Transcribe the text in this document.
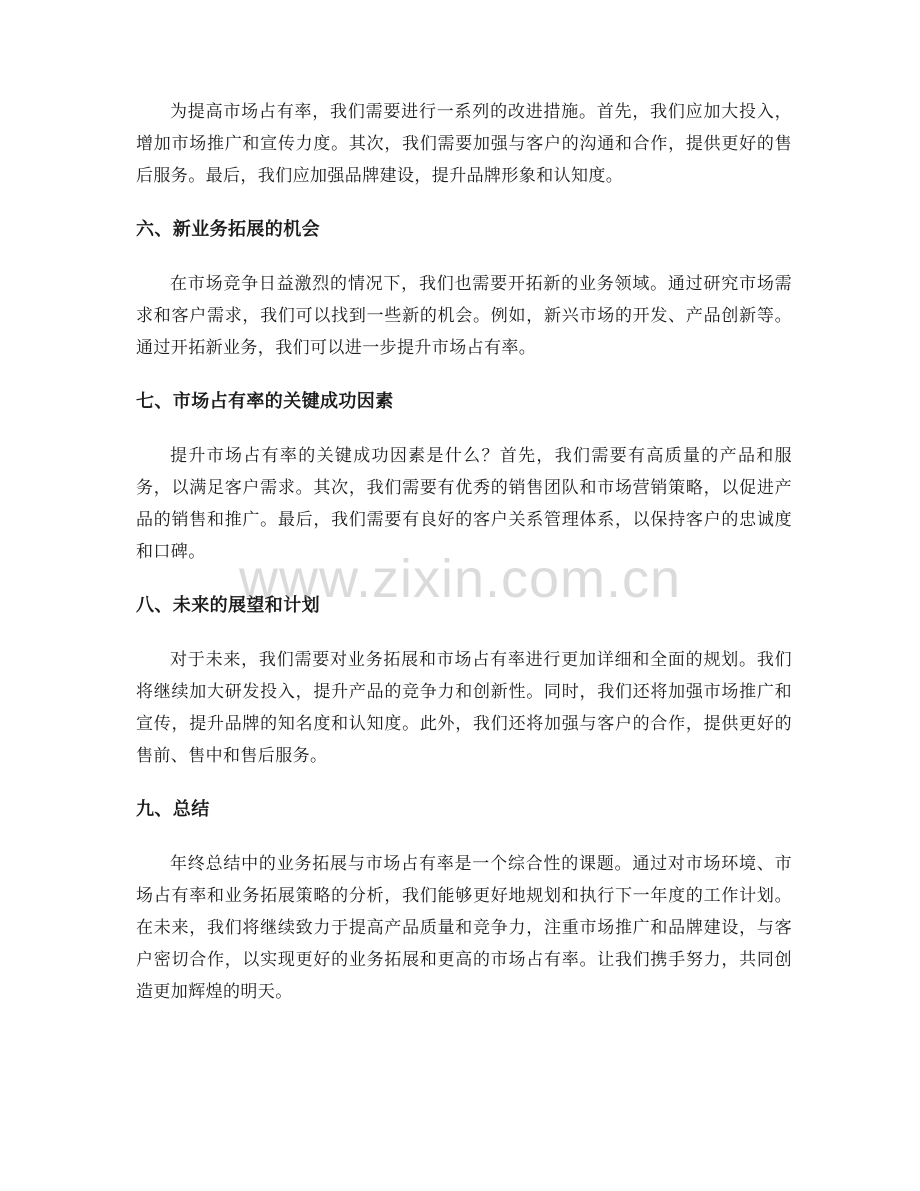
为提高市场占有率，我们需要进行一系列的改进措施。首先，我们应加大投入，增加市场推广和宣传力度。其次，我们需要加强与客户的沟通和合作，提供更好的售后服务。最后，我们应加强品牌建设，提升品牌形象和认知度。

六、新业务拓展的机会

在市场竞争日益激烈的情况下，我们也需要开拓新的业务领域。通过研究市场需求和客户需求，我们可以找到一些新的机会。例如，新兴市场的开发、产品创新等。通过开拓新业务，我们可以进一步提升市场占有率。

七、市场占有率的关键成功因素

提升市场占有率的关键成功因素是什么？首先，我们需要有高质量的产品和服务，以满足客户需求。其次，我们需要有优秀的销售团队和市场营销策略，以促进产品的销售和推广。最后，我们需要有良好的客户关系管理体系，以保持客户的忠诚度和口碑。

八、未来的展望和计划

对于未来，我们需要对业务拓展和市场占有率进行更加详细和全面的规划。我们将继续加大研发投入，提升产品的竞争力和创新性。同时，我们还将加强市场推广和宣传，提升品牌的知名度和认知度。此外，我们还将加强与客户的合作，提供更好的售前、售中和售后服务。

九、总结

年终总结中的业务拓展与市场占有率是一个综合性的课题。通过对市场环境、市场占有率和业务拓展策略的分析，我们能够更好地规划和执行下一年度的工作计划。在未来，我们将继续致力于提高产品质量和竞争力，注重市场推广和品牌建设，与客户密切合作，以实现更好的业务拓展和更高的市场占有率。让我们携手努力，共同创造更加辉煌的明天。

www.zixin.com.cn
